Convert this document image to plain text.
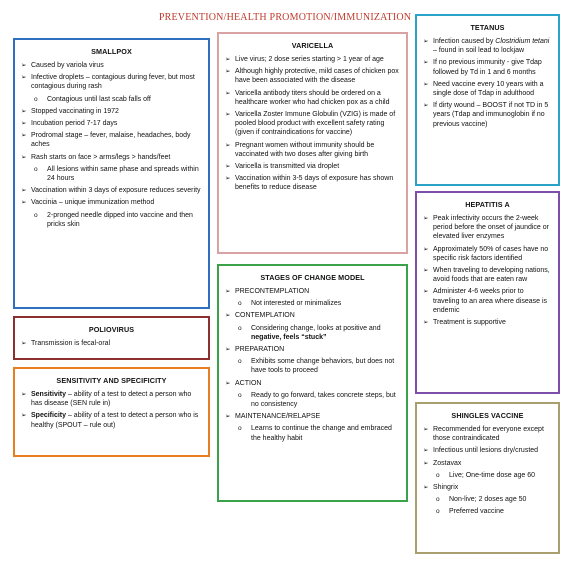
PREVENTION/HEALTH PROMOTION/IMMUNIZATION
SMALLPOX
➢ Caused by variola virus
➢ Infective droplets – contagious during fever, but most contagious during rash
o Contagious until last scab falls off
➢ Stopped vaccinating in 1972
➢ Incubation period 7-17 days
➢ Prodromal stage – fever, malaise, headaches, body aches
➢ Rash starts on face > arms/legs > hands/feet
o All lesions within same phase and spreads within 24 hours
➢ Vaccination within 3 days of exposure reduces severity
➢ Vaccinia – unique immunization method
o 2-pronged needle dipped into vaccine and then pricks skin
VARICELLA
➢ Live virus; 2 dose series starting > 1 year of age
➢ Although highly protective, mild cases of chicken pox have been associated with the disease
➢ Varicella antibody titers should be ordered on a healthcare worker who had chicken pox as a child
➢ Varicella Zoster Immune Globulin (VZIG) is made of pooled blood product with excellent safety rating (given if contraindications for vaccine)
➢ Pregnant women without immunity should be vaccinated with two doses after giving birth
➢ Varicella is transmitted via droplet
➢ Vaccination within 3-5 days of exposure has shown benefits to reduce disease
TETANUS
➢ Infection caused by Clostridium tetani – found in soil lead to lockjaw
➢ If no previous immunity - give Tdap followed by Td in 1 and 6 months
➢ Need vaccine every 10 years with a single dose of Tdap in adulthood
➢ If dirty wound – BOOST if not TD in 5 years (Tdap and immunoglobin if no previous vaccine)
POLIOVIRUS
➢ Transmission is fecal-oral
SENSITIVITY AND SPECIFICITY
➢ Sensitivity – ability of a test to detect a person who has disease (SEN rule in)
➢ Specificity – ability of a test to detect a person who is healthy (SPOUT – rule out)
STAGES OF CHANGE MODEL
➢ PRECONTEMPLATION
o Not interested or minimalizes
➢ CONTEMPLATION
o Considering change, looks at positive and negative, feels “stuck”
➢ PREPARATION
o Exhibits some change behaviors, but does not have tools to proceed
➢ ACTION
o Ready to go forward, takes concrete steps, but no consistency
➢ MAINTENANCE/RELAPSE
o Learns to continue the change and embraced the healthy habit
HEPATITIS A
➢ Peak infectivity occurs the 2-week period before the onset of jaundice or elevated liver enzymes
➢ Approximately 50% of cases have no specific risk factors identified
➢ When traveling to developing nations, avoid foods that are eaten raw
➢ Administer 4-6 weeks prior to traveling to an area where disease is endemic
➢ Treatment is supportive
SHINGLES VACCINE
➢ Recommended for everyone except those contraindicated
➢ Infectious until lesions dry/crusted
➢ Zostavax
o Live; One-time dose age 60
➢ Shingrix
o Non-live; 2 doses age 50
o Preferred vaccine
